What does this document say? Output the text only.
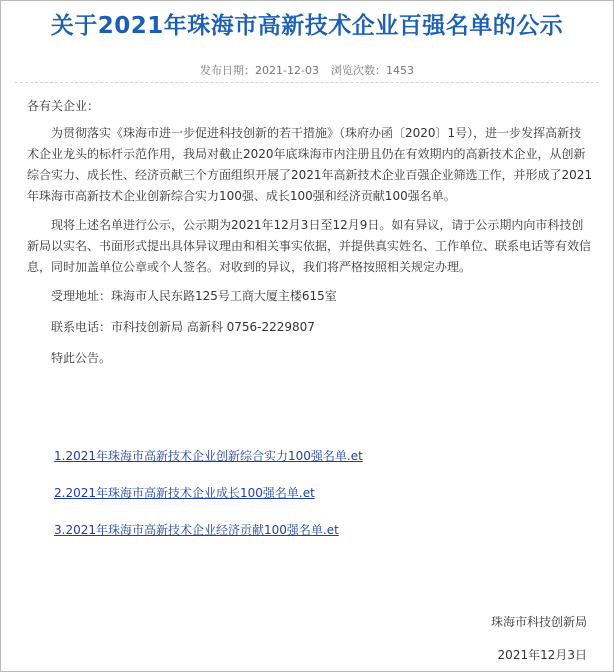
关于2021年珠海市高新技术企业百强名单的公示
发布日期：2021-12-03 浏览次数：1453

各有关企业：

为贯彻落实《珠海市进一步促进科技创新的若干措施》（珠府办函〔2020〕1号），进一步发挥高新技术企业龙头的标杆示范作用，我局对截止2020年底珠海市内注册且仍在有效期内的高新技术企业，从创新综合实力、成长性、经济贡献三个方面组织开展了2021年高新技术企业百强企业筛选工作，并形成了2021年珠海市高新技术企业创新综合实力100强、成长100强和经济贡献100强名单。

现将上述名单进行公示，公示期为2021年12月3日至12月9日。如有异议，请于公示期内向市科技创新局以实名、书面形式提出具体异议理由和相关事实依据，并提供真实姓名、工作单位、联系电话等有效信息，同时加盖单位公章或个人签名。对收到的异议，我们将严格按照相关规定办理。

受理地址：珠海市人民东路125号工商大厦主楼615室

联系电话：市科技创新局 高新科 0756-2229807

特此公告。

1.2021年珠海市高新技术企业创新综合实力100强名单.et
2.2021年珠海市高新技术企业成长100强名单.et
3.2021年珠海市高新技术企业经济贡献100强名单.et
珠海市科技创新局
2021年12月3日
